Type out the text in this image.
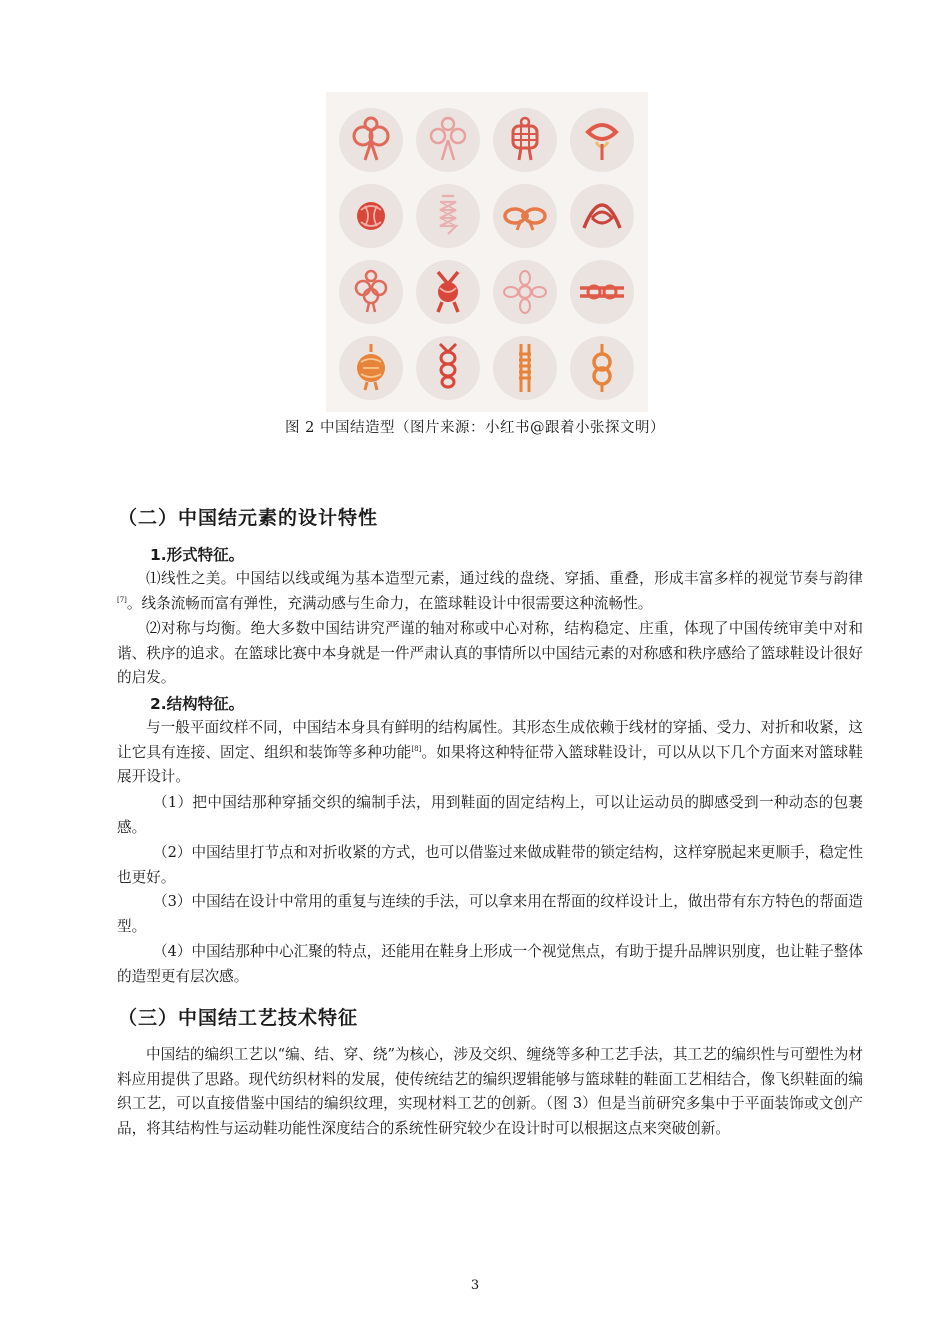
图 2 中国结造型（图片来源：小红书@跟着小张探文明）
（二）中国结元素的设计特性
1.形式特征。

⑴线性之美。中国结以线或绳为基本造型元素，通过线的盘绕、穿插、重叠，形成丰富多样的视觉节奏与韵律[7]。线条流畅而富有弹性，充满动感与生命力，在篮球鞋设计中很需要这种流畅性。

⑵对称与均衡。绝大多数中国结讲究严谨的轴对称或中心对称，结构稳定、庄重，体现了中国传统审美中对和谐、秩序的追求。在篮球比赛中本身就是一件严肃认真的事情所以中国结元素的对称感和秩序感给了篮球鞋设计很好的启发。

2.结构特征。

与一般平面纹样不同，中国结本身具有鲜明的结构属性。其形态生成依赖于线材的穿插、受力、对折和收紧，这让它具有连接、固定、组织和装饰等多种功能[8]。如果将这种特征带入篮球鞋设计，可以从以下几个方面来对篮球鞋展开设计。

（1）把中国结那种穿插交织的编制手法，用到鞋面的固定结构上，可以让运动员的脚感受到一种动态的包裹感。

（2）中国结里打节点和对折收紧的方式，也可以借鉴过来做成鞋带的锁定结构，这样穿脱起来更顺手，稳定性也更好。

（3）中国结在设计中常用的重复与连续的手法，可以拿来用在帮面的纹样设计上，做出带有东方特色的帮面造型。

（4）中国结那种中心汇聚的特点，还能用在鞋身上形成一个视觉焦点，有助于提升品牌识别度，也让鞋子整体的造型更有层次感。

（三）中国结工艺技术特征

中国结的编织工艺以“编、结、穿、绕”为核心，涉及交织、缠绕等多种工艺手法，其工艺的编织性与可塑性为材料应用提供了思路。现代纺织材料的发展，使传统结艺的编织逻辑能够与篮球鞋的鞋面工艺相结合，像飞织鞋面的编织工艺，可以直接借鉴中国结的编织纹理，实现材料工艺的创新。（图 3）但是当前研究多集中于平面装饰或文创产品，将其结构性与运动鞋功能性深度结合的系统性研究较少在设计时可以根据这点来突破创新。

3
